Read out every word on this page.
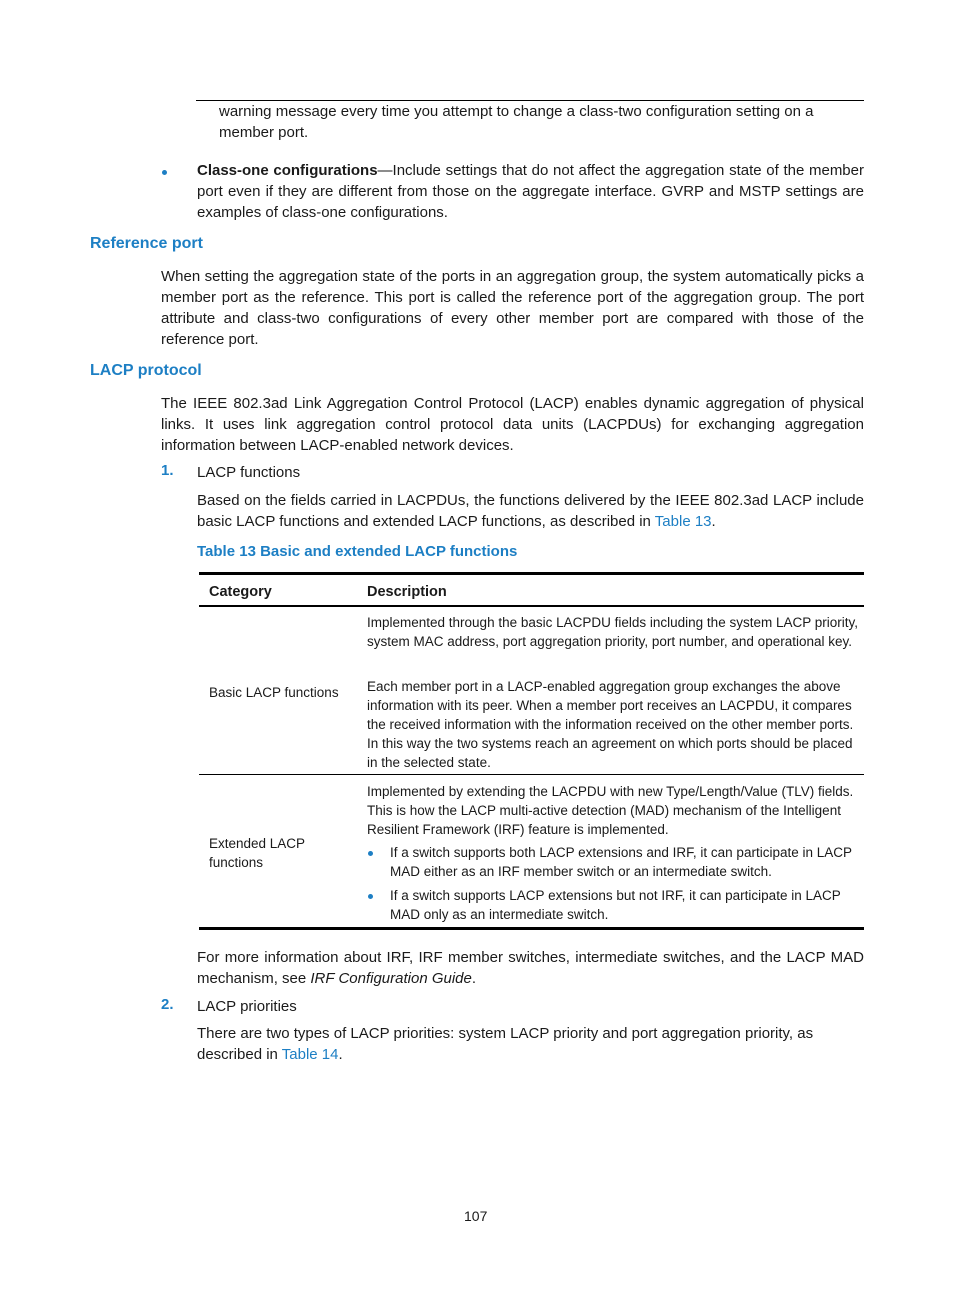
warning message every time you attempt to change a class-two configuration setting on a member port.
Class-one configurations—Include settings that do not affect the aggregation state of the member port even if they are different from those on the aggregate interface. GVRP and MSTP settings are examples of class-one configurations.
Reference port
When setting the aggregation state of the ports in an aggregation group, the system automatically picks a member port as the reference. This port is called the reference port of the aggregation group. The port attribute and class-two configurations of every other member port are compared with those of the reference port.
LACP protocol
The IEEE 802.3ad Link Aggregation Control Protocol (LACP) enables dynamic aggregation of physical links. It uses link aggregation control protocol data units (LACPDUs) for exchanging aggregation information between LACP-enabled network devices.
1. LACP functions
Based on the fields carried in LACPDUs, the functions delivered by the IEEE 802.3ad LACP include basic LACP functions and extended LACP functions, as described in Table 13.
Table 13 Basic and extended LACP functions
Category	Description
Basic LACP functions
Implemented through the basic LACPDU fields including the system LACP priority, system MAC address, port aggregation priority, port number, and operational key.
Each member port in a LACP-enabled aggregation group exchanges the above information with its peer. When a member port receives an LACPDU, it compares the received information with the information received on the other member ports. In this way the two systems reach an agreement on which ports should be placed in the selected state.
Extended LACP functions
Implemented by extending the LACPDU with new Type/Length/Value (TLV) fields. This is how the LACP multi-active detection (MAD) mechanism of the Intelligent Resilient Framework (IRF) feature is implemented.
If a switch supports both LACP extensions and IRF, it can participate in LACP MAD either as an IRF member switch or an intermediate switch.
If a switch supports LACP extensions but not IRF, it can participate in LACP MAD only as an intermediate switch.
For more information about IRF, IRF member switches, intermediate switches, and the LACP MAD mechanism, see IRF Configuration Guide.
2. LACP priorities
There are two types of LACP priorities: system LACP priority and port aggregation priority, as described in Table 14.
107
